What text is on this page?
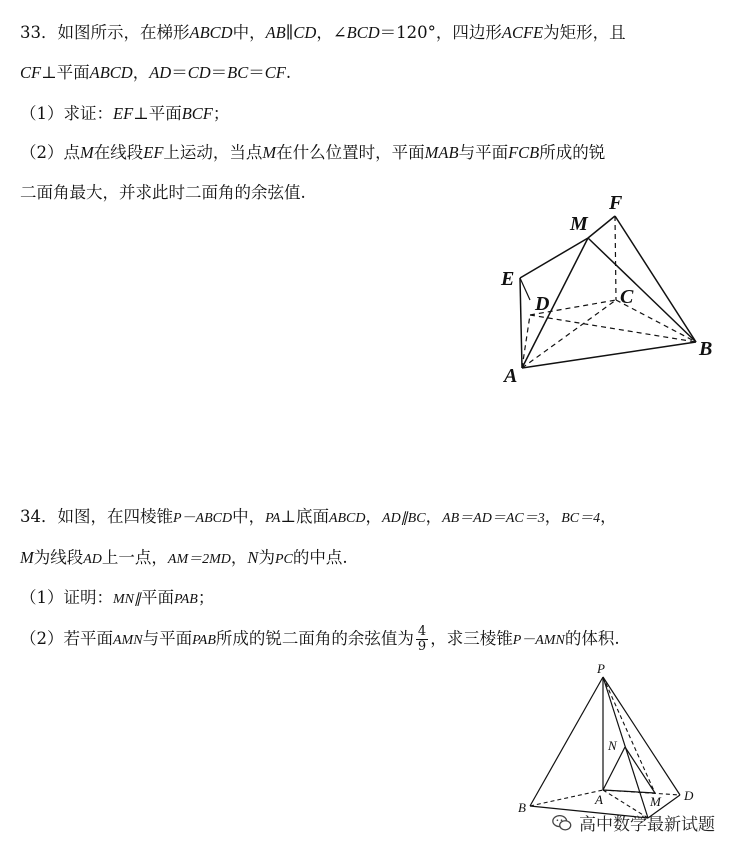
33．如图所示，在梯形ABCD中，AB∥CD，∠BCD＝120°，四边形ACFE为矩形，且
CF⊥平面ABCD，AD＝CD＝BC＝CF.
（1）求证：EF⊥平面BCF；
（2）点M在线段EF上运动，当点M在什么位置时，平面MAB与平面FCB所成的锐
二面角最大，并求此时二面角的余弦值.
M
F
E
D	C
B
A
34．如图，在四棱锥P－ABCD中，PA⊥底面ABCD，AD∥BC，AB＝AD＝AC＝3，BC＝4，
M为线段AD上一点，AM＝2MD，N为PC的中点.
（1）证明：MN∥平面PAB；
（2）若平面AMN与平面PAB所成的锐二面角的余弦值为 $\frac{4}{9}$ ，求三棱锥P－AMN的体积.
P
N
B
A	M D
高中数学最新试题
